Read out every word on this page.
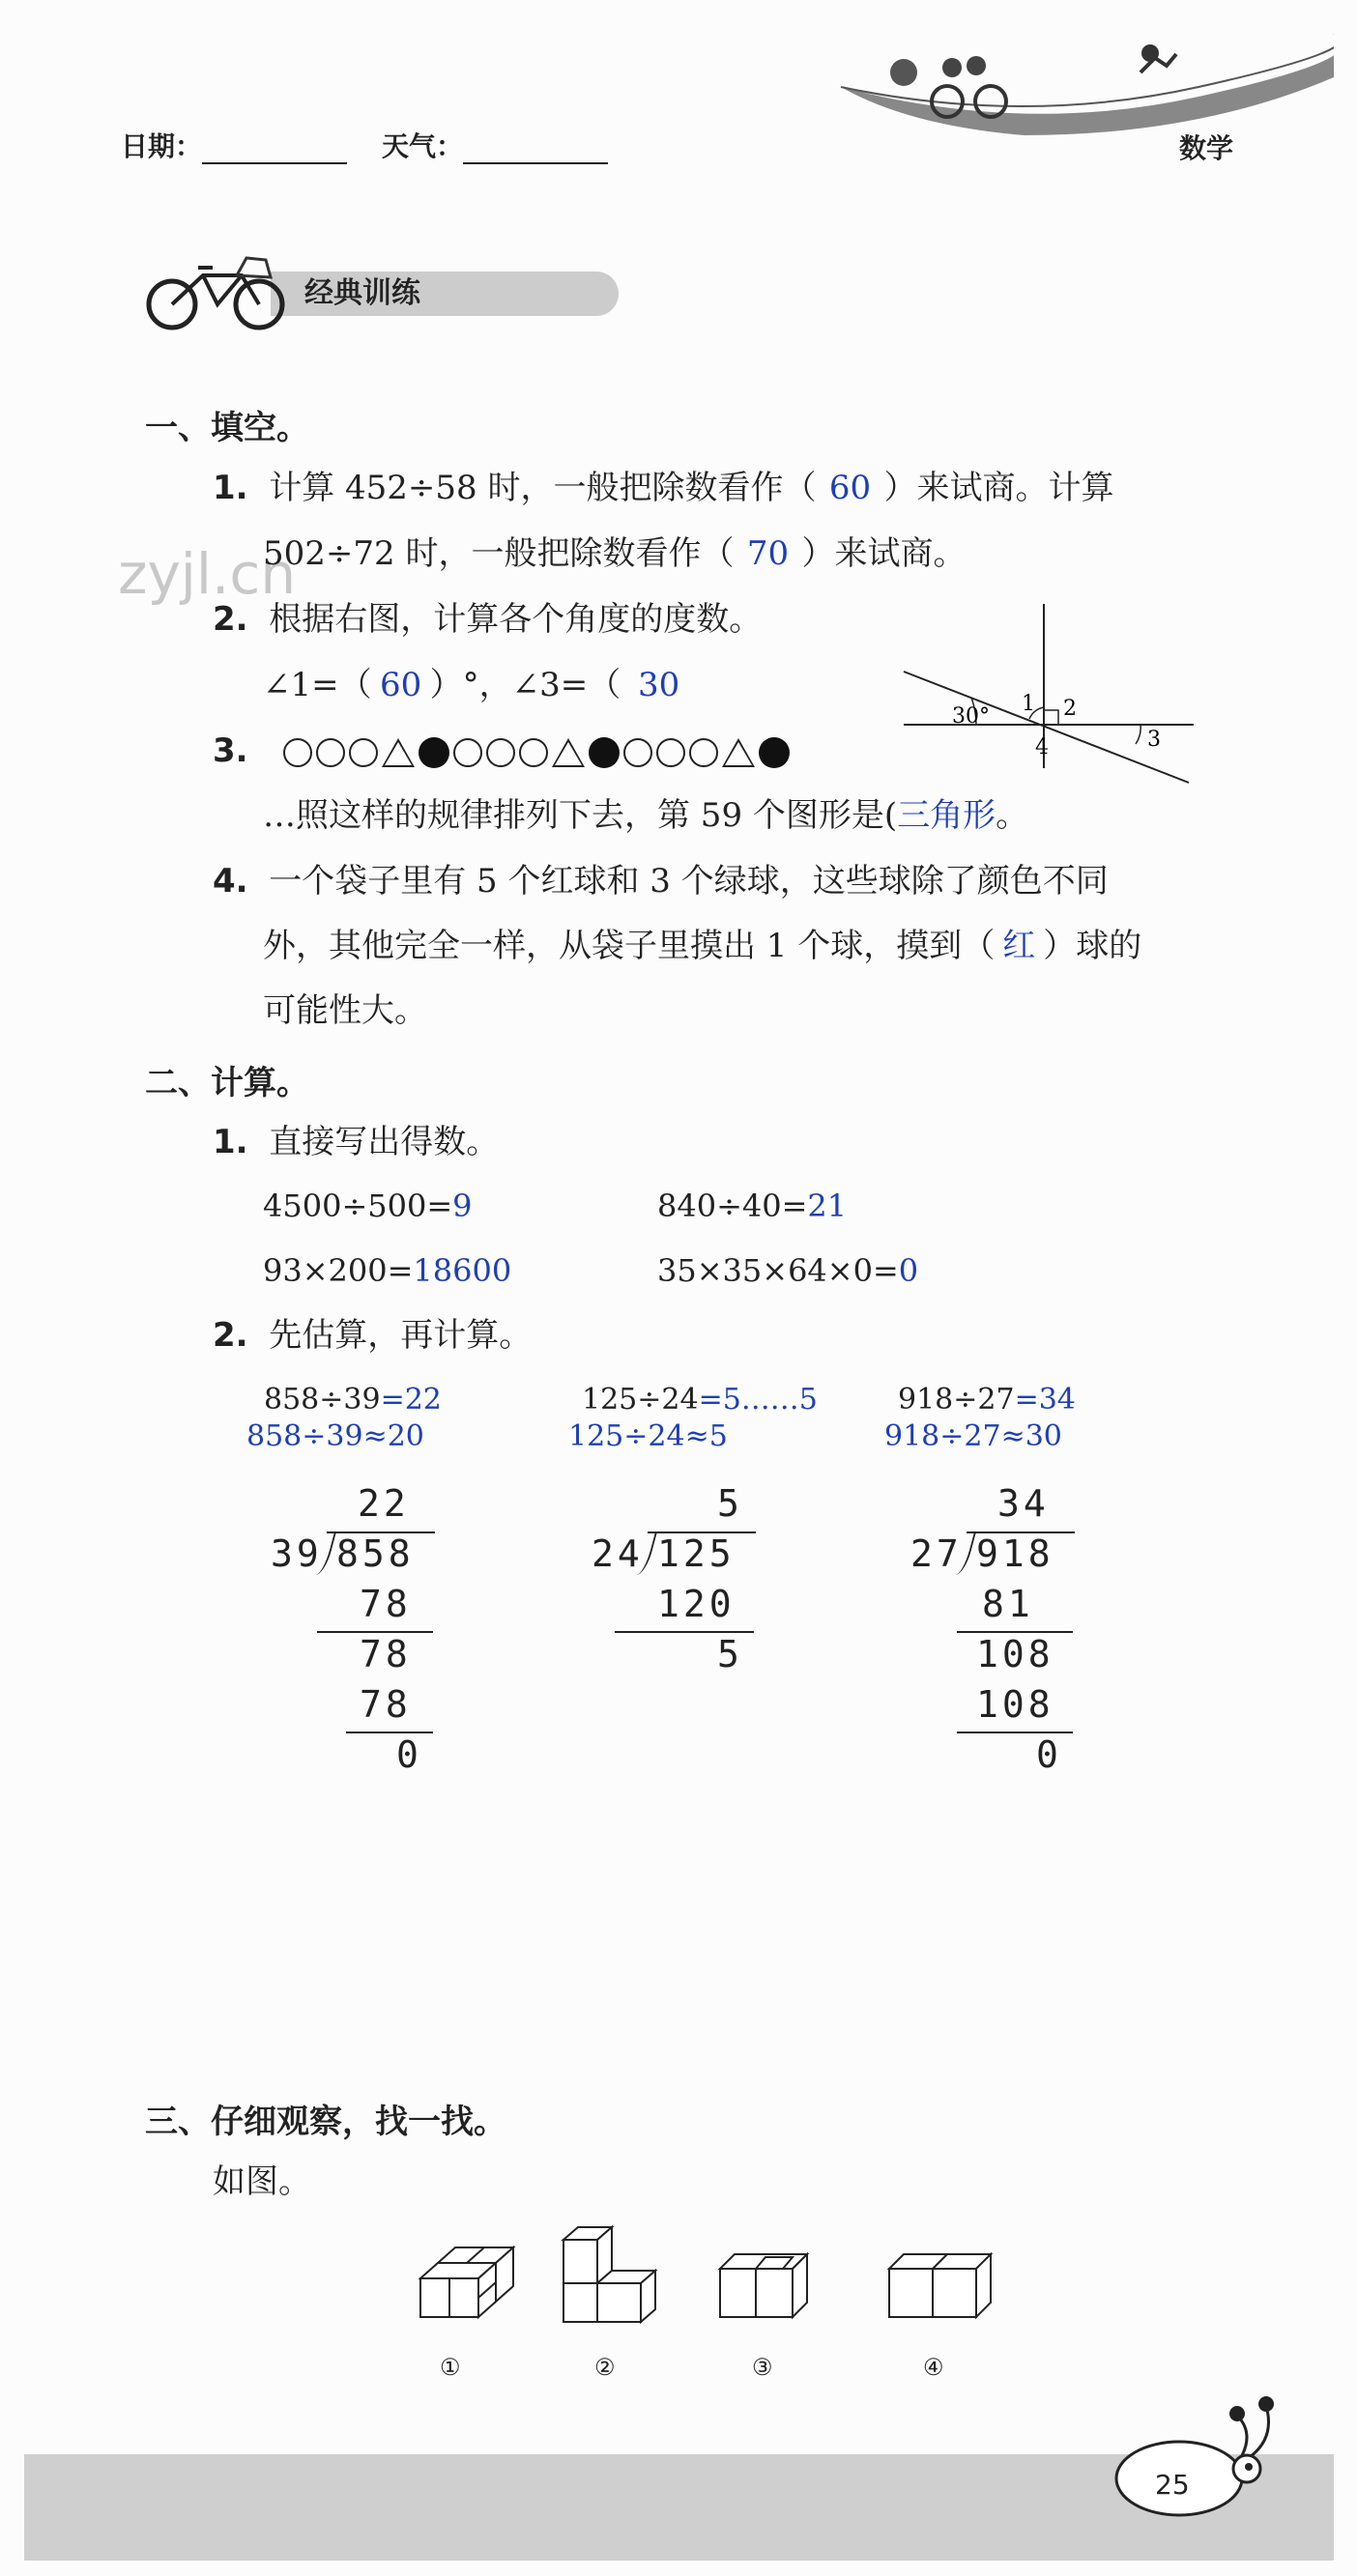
日期：	天气：	数学
经典训练
zyjl.cn
一、填空。
1. 计算 452÷58 时，一般把除数看作（ 60 ）来试商。计算
502÷72 时，一般把除数看作（ 70 ）来试商。
2. 根据右图，计算各个角度的度数。
∠1=（ 60 ）°，∠3=（ 30
30°
1 2
3
4
3.
…照这样的规律排列下去，第 59 个图形是(三角形。
4. 一个袋子里有 5 个红球和 3 个绿球，这些球除了颜色不同
外，其他完全一样，从袋子里摸出 1 个球，摸到（ 红 ）球的
可能性大。
二、计算。
1. 直接写出得数。
4500÷500=9	840÷40=21
93×200=18600	35×35×64×0=0
2. 先估算，再计算。
858÷39=22
858÷39≈20
125÷24=5……5
125÷24≈5
918÷27=34
918÷27≈30
22
39 858
78
78
78
0
5
24 125
120
5
34
27 918
81
108
108
0
三、仔细观察，找一找。
如图。
①	②	③	④
25
